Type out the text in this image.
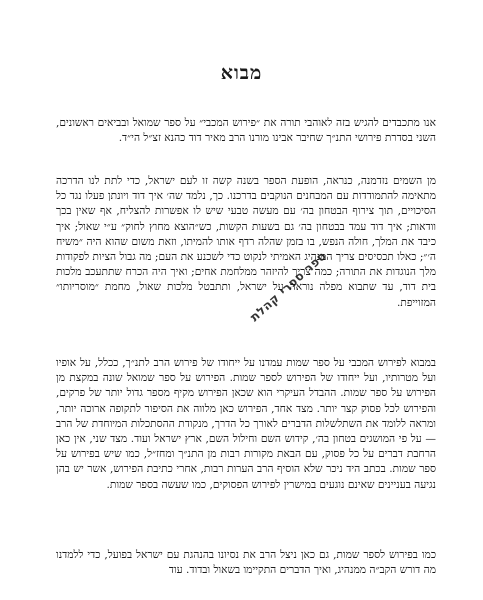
מבוא

אנו מתכבדים להגיש בזה לאוהבי תורה את ״פירוש המכבי״ על ספר שמואל ובביאים ראשונים, השני בסדרת פירושי התנ״ך שחיבר אבינו מורנו הרב מאיר דוד כהנא זצ״ל הי״ד.

מן השמים נזדמנה, כנראה, הופעת הספר בשנה קשה זו לעם ישראל, כדי לתת לנו הדרכה מתאימה להתמודדות עם המבחנים הנוקבים בדרכנו. כך, נלמד שה׳ איך דוד ויונתן פעלו נגד כל הסיכויים, תוך צירוף הבטחון בה׳ עם מעשה טבעי שיש לו אפשרות להצליח, אף שאין בכך וודאות; איך דוד עמד בבטחון בה׳ גם בשעות הקשות, כש״הוצא מחוץ לחוק״ ע״י שאול; איך כיבד את המלך, חולה הנפש, בו בזמן שהלה רדף אותו להמיתו, וזאת משום שהוא היה ״משיח ה׳״; כאלו תכסיסים צריך המנהיג האמיתי לנקוט כדי לשכנע את העם; מה גבול הציות לפקודות מלך הנוגדות את התורה; כמה צריך להיזהר ממלחמת אחים; ואיך היה הכרח שתתעכב מלכות בית דוד, עד שתבוא מפלה נוראה על ישראל, ותתבטל מלכות שאול, מחמת ״מוסריותו״ המזוייפת.

במבוא לפירוש המכבי על ספר שמות עמדנו על ייחודו של פירוש הרב לתנ״ך, ככלל, על אופיו ועל מטרותיו, ועל ייחודו של הפירוש לספר שמות. הפירוש על ספר שמואל שונה במקצת מן הפירוש על ספר שמות. ההבדל העיקרי הוא שכאן הפירוש מקיף מספר גדול יותר של פרקים, והפירוש לכל פסוק קצר יותר. מצד אחד, הפירוש כאן מלווה את הסיפור לתקופה ארוכה יותר, ומראה ללומד את השתלשלות הדברים לאורך כל הדרך, מנקודת ההסתכלות המיוחדת של הרב — על פי המושגים בטחון בה׳, קידוש השם וחילול השם, ארץ ישראל ועוד. מצד שני, אין כאן הרחבת דברים על כל פסוק, עם הבאת מקורות רבות מן התנ״ך ומחז״ל, כמו שיש בפירוש על ספר שמות. בכתב היד ניכר שלא הוסיף הרב הערות רבות, אחרי כתיבת הפירוש, אשר יש בהן נגיעה בעניינים שאינם נוגעים במישרין לפירוש הפסוקים, כמו שעשה בספר שמות.

כמו בפירוש לספר שמות, גם כאן ניצל הרב את נסיונו בהנהגת עם ישראל בפועל, כדי ללמדנו מה דורש הקב״ה ממנהיג, ואיך הדברים התקיימו בשאול ובדוד. עוד

ספר ספרי קהלת
